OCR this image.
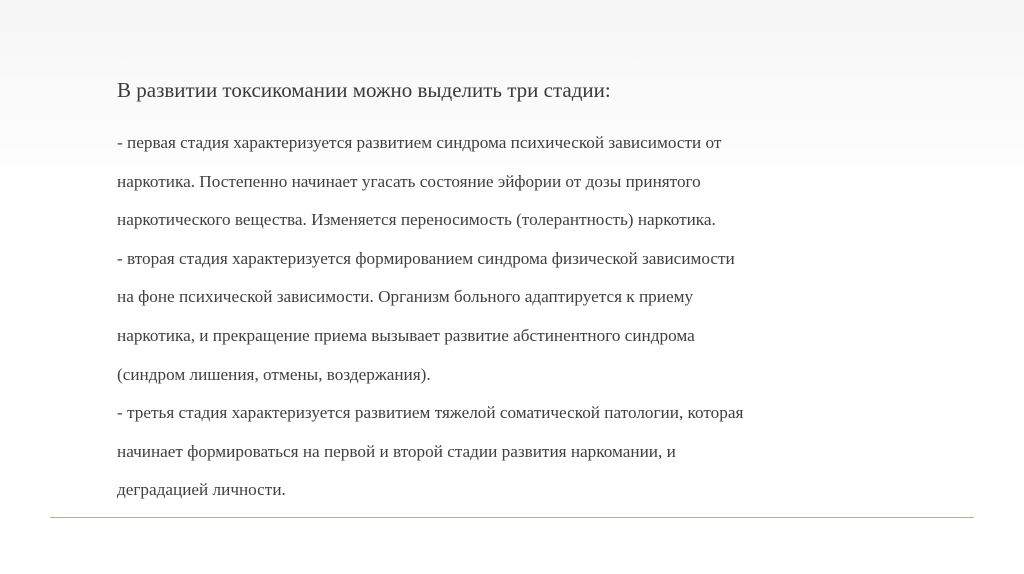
В развитии токсикомании можно выделить три стадии:
- первая стадия характеризуется развитием синдрома психической зависимости от
наркотика. Постепенно начинает угасать состояние эйфории от дозы принятого
наркотического вещества. Изменяется переносимость (толерантность) наркотика.
- вторая стадия характеризуется формированием синдрома физической зависимости
на фоне психической зависимости. Организм больного адаптируется к приему
наркотика, и прекращение приема вызывает развитие абстинентного синдрома
(синдром лишения, отмены, воздержания).
- третья стадия характеризуется развитием тяжелой соматической патологии, которая
начинает формироваться на первой и второй стадии развития наркомании, и
деградацией личности.
